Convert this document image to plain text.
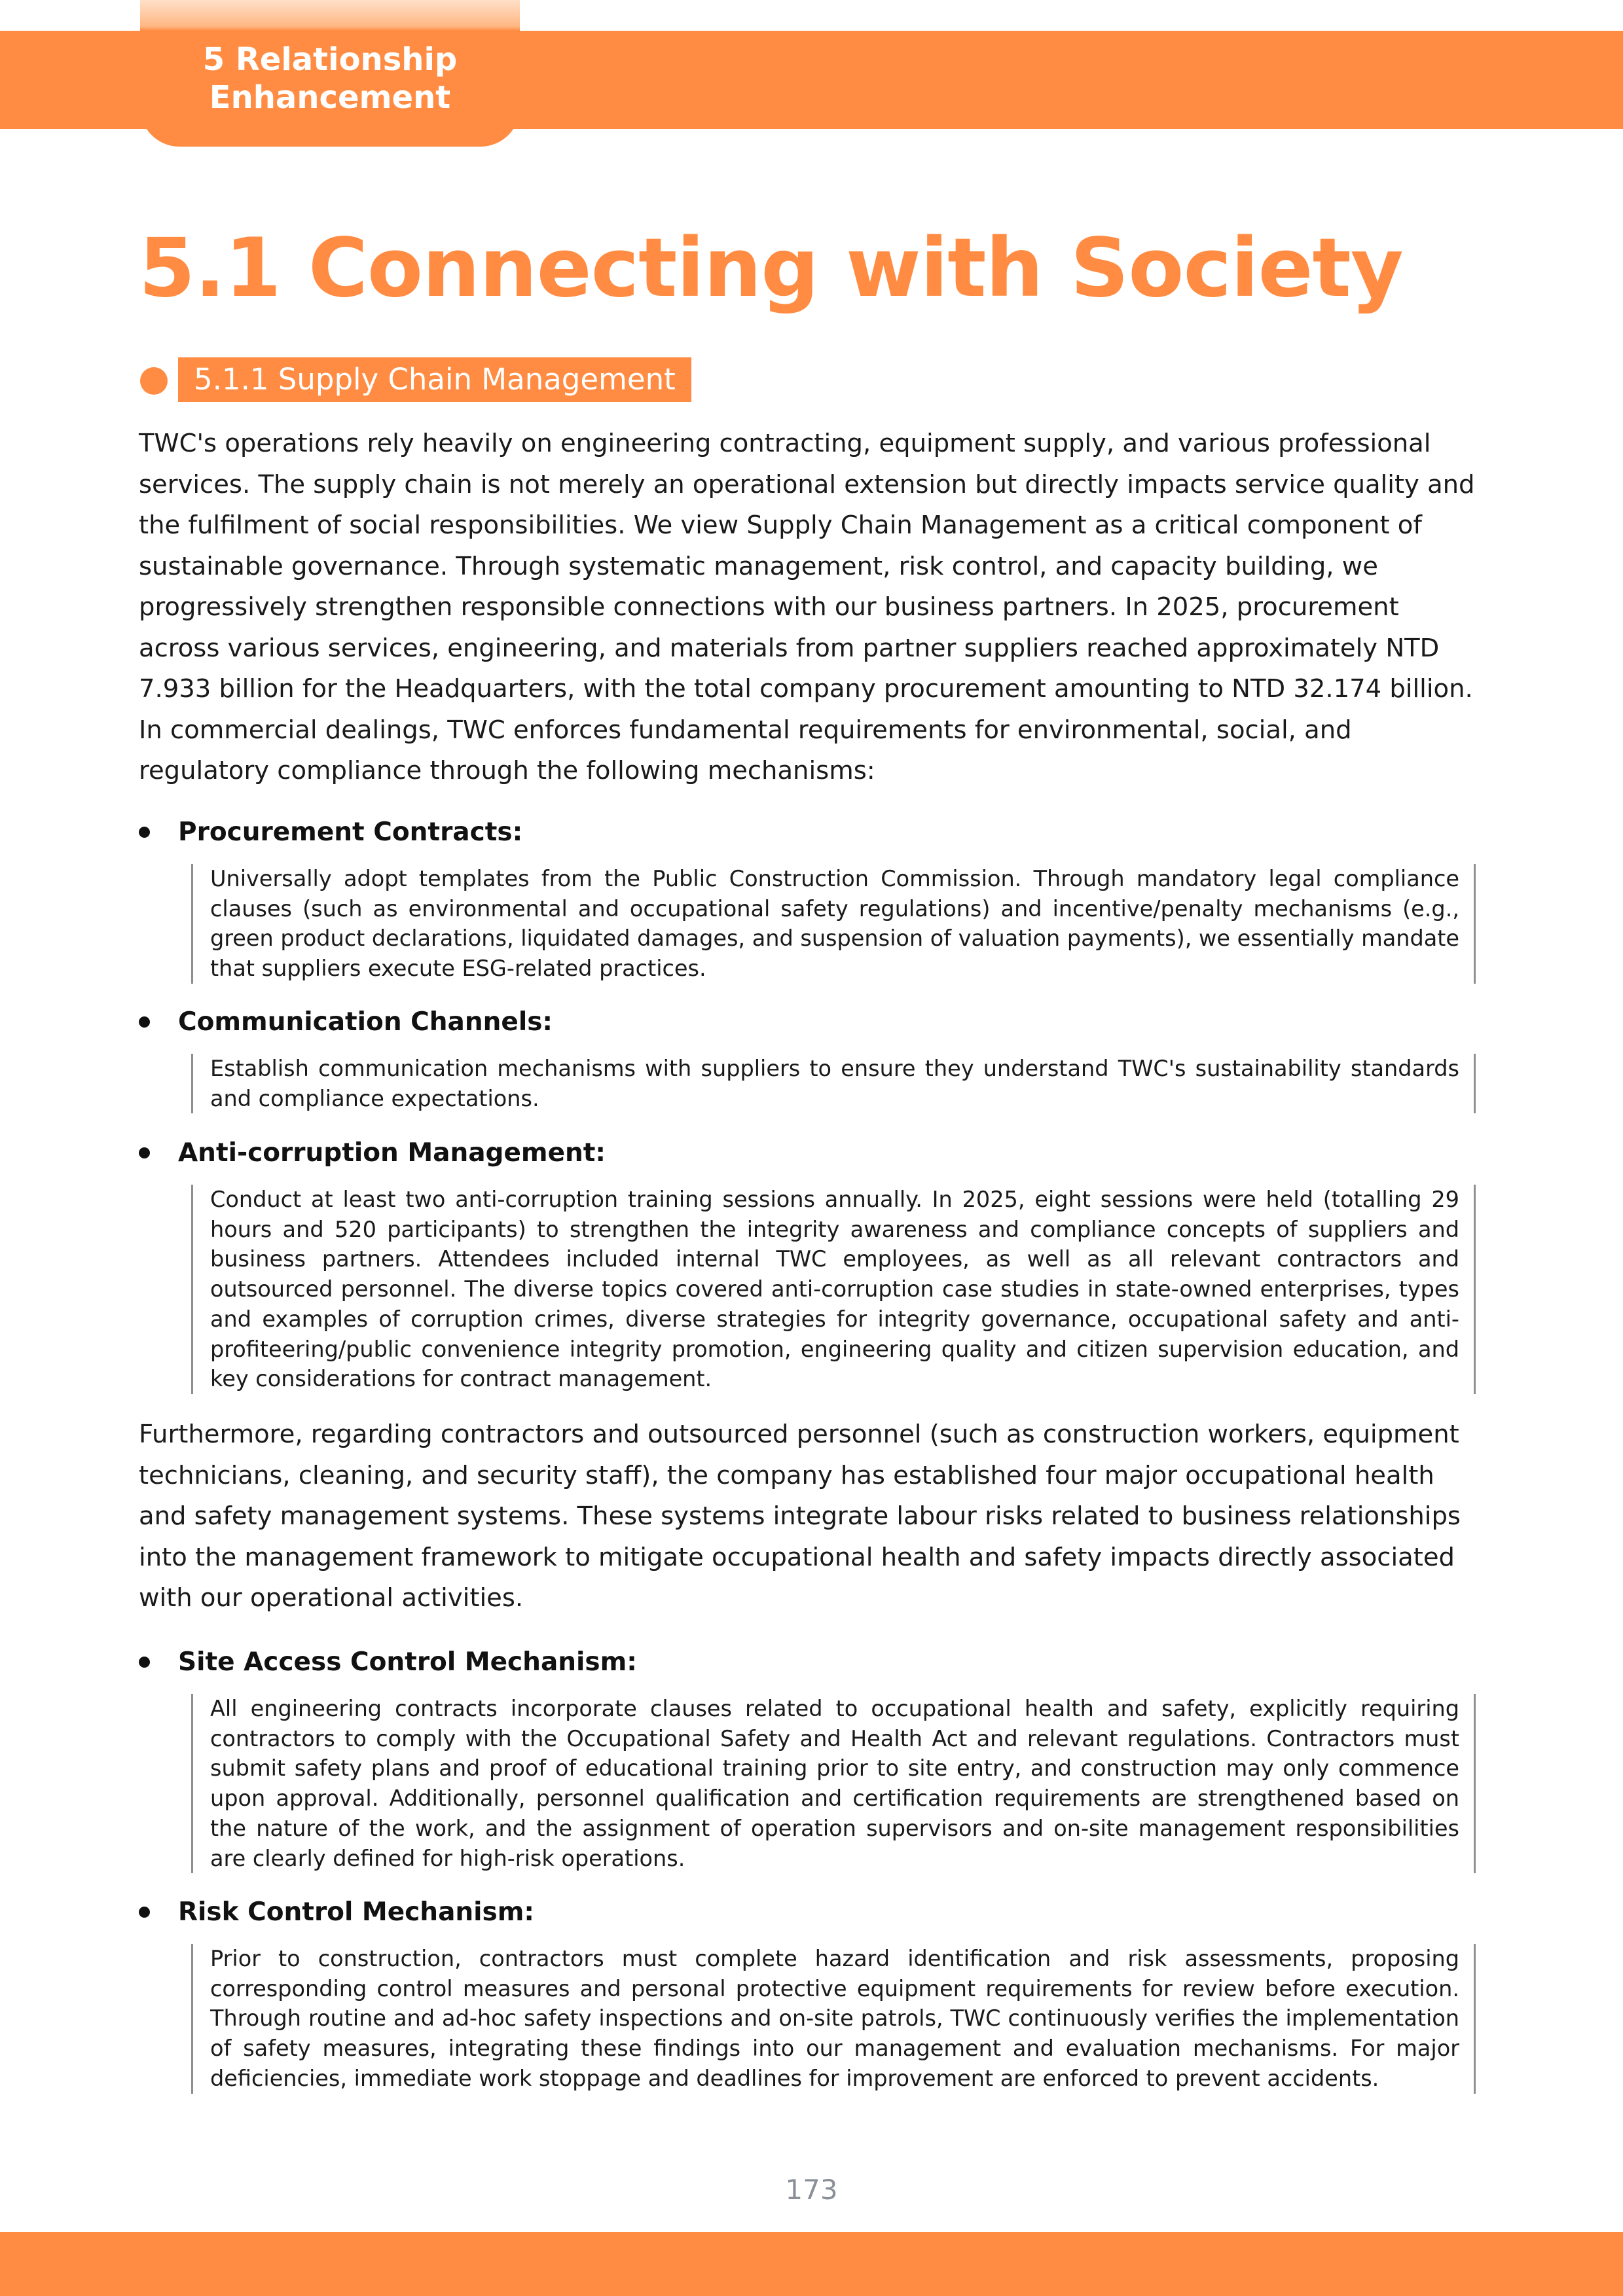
5 Relationship Enhancement
5.1 Connecting with Society
5.1.1 Supply Chain Management

TWC's operations rely heavily on engineering contracting, equipment supply, and various professional services. The supply chain is not merely an operational extension but directly impacts service quality and the fulfilment of social responsibilities. We view Supply Chain Management as a critical component of sustainable governance. Through systematic management, risk control, and capacity building, we progressively strengthen responsible connections with our business partners. In 2025, procurement across various services, engineering, and materials from partner suppliers reached approximately NTD 7.933 billion for the Headquarters, with the total company procurement amounting to NTD 32.174 billion. In commercial dealings, TWC enforces fundamental requirements for environmental, social, and regulatory compliance through the following mechanisms:

Procurement Contracts:

Universally adopt templates from the Public Construction Commission. Through mandatory legal compliance clauses (such as environmental and occupational safety regulations) and incentive/penalty mechanisms (e.g., green product declarations, liquidated damages, and suspension of valuation payments), we essentially mandate that suppliers execute ESG-related practices.

Communication Channels:

Establish communication mechanisms with suppliers to ensure they understand TWC's sustainability standards and compliance expectations.

Anti-corruption Management:

Conduct at least two anti-corruption training sessions annually. In 2025, eight sessions were held (totalling 29 hours and 520 participants) to strengthen the integrity awareness and compliance concepts of suppliers and business partners. Attendees included internal TWC employees, as well as all relevant contractors and outsourced personnel. The diverse topics covered anti-corruption case studies in state-owned enterprises, types and examples of corruption crimes, diverse strategies for integrity governance, occupational safety and anti-profiteering/public convenience integrity promotion, engineering quality and citizen supervision education, and key considerations for contract management.

Furthermore, regarding contractors and outsourced personnel (such as construction workers, equipment technicians, cleaning, and security staff), the company has established four major occupational health and safety management systems. These systems integrate labour risks related to business relationships into the management framework to mitigate occupational health and safety impacts directly associated with our operational activities.

Site Access Control Mechanism:

All engineering contracts incorporate clauses related to occupational health and safety, explicitly requiring contractors to comply with the Occupational Safety and Health Act and relevant regulations. Contractors must submit safety plans and proof of educational training prior to site entry, and construction may only commence upon approval. Additionally, personnel qualification and certification requirements are strengthened based on the nature of the work, and the assignment of operation supervisors and on-site management responsibilities are clearly defined for high-risk operations.

Risk Control Mechanism:

Prior to construction, contractors must complete hazard identification and risk assessments, proposing corresponding control measures and personal protective equipment requirements for review before execution. Through routine and ad-hoc safety inspections and on-site patrols, TWC continuously verifies the implementation of safety measures, integrating these findings into our management and evaluation mechanisms. For major deficiencies, immediate work stoppage and deadlines for improvement are enforced to prevent accidents.

173
